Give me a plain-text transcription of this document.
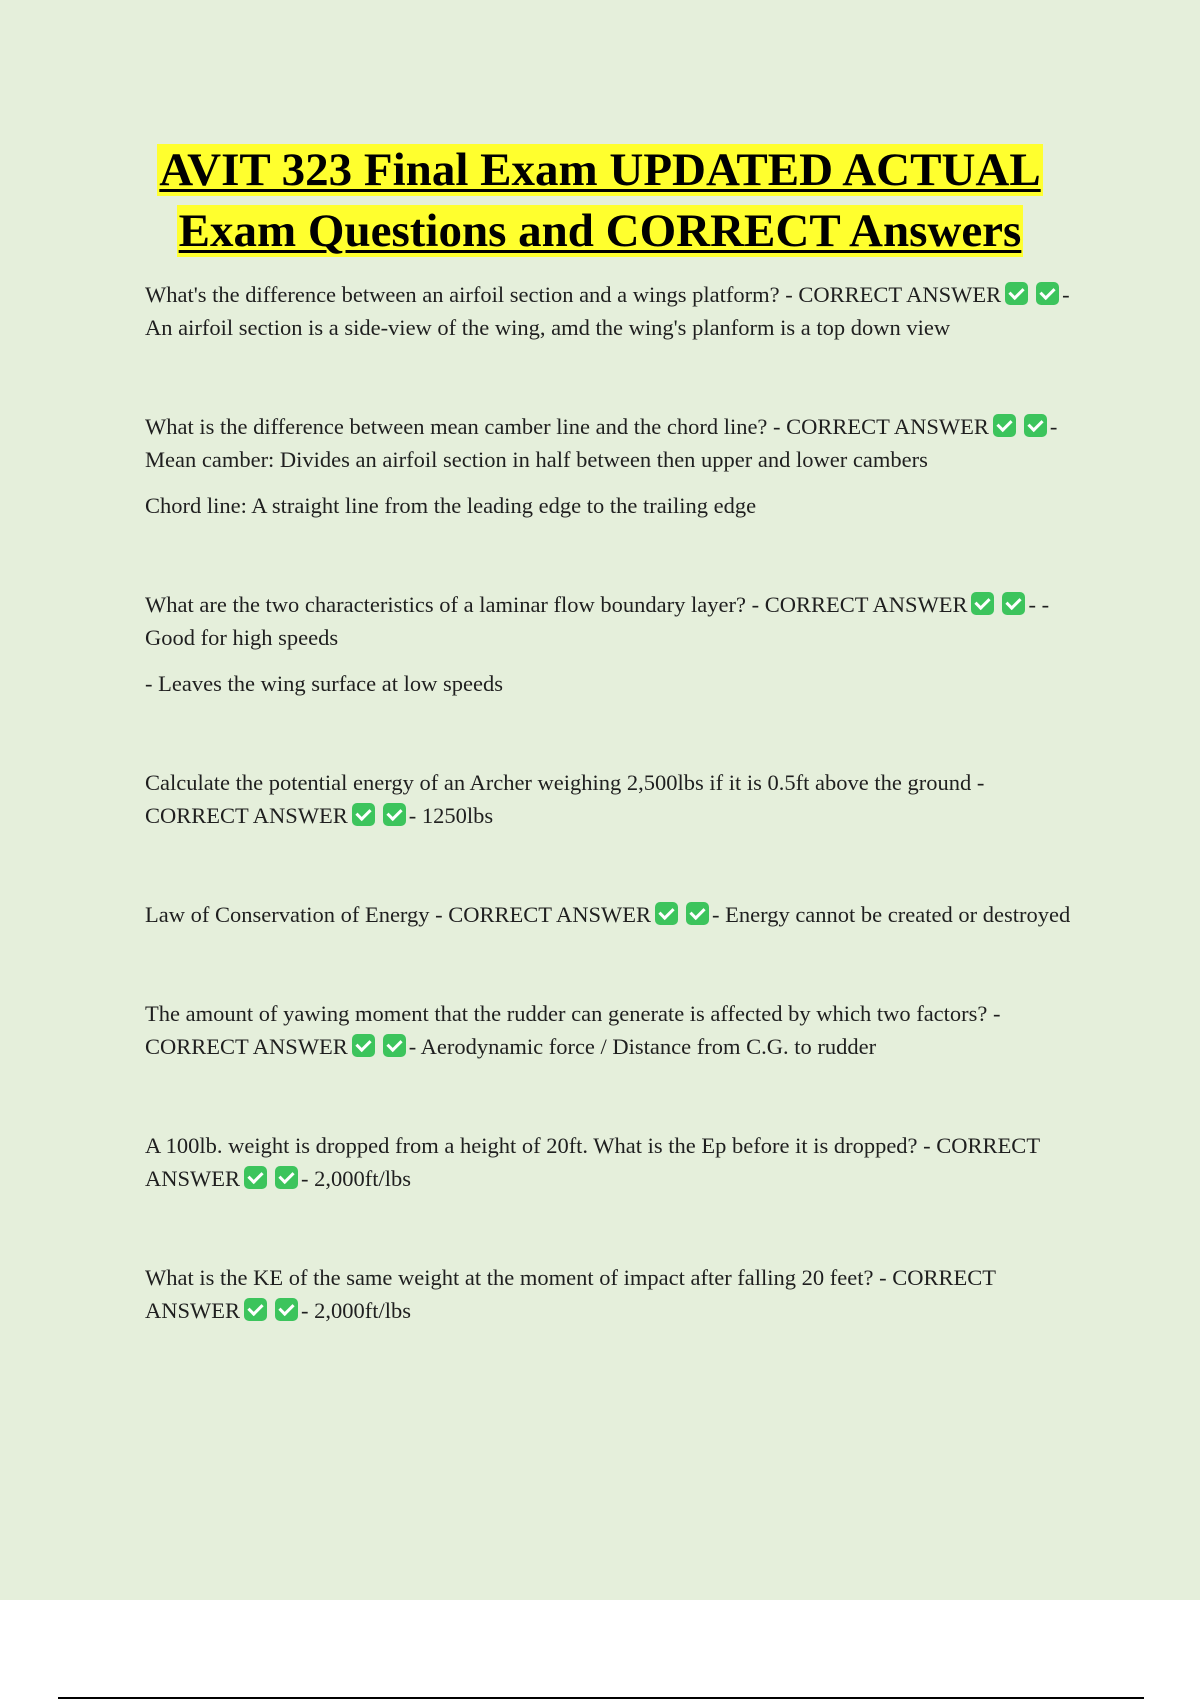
AVIT 323 Final Exam UPDATED ACTUAL
Exam Questions and CORRECT Answers

What's the difference between an airfoil section and a wings platform? - CORRECT ANSWER	- An airfoil section is a side-view of the wing, amd the wing's planform is a top down view

What is the difference between mean camber line and the chord line? - CORRECT ANSWER	- Mean camber: Divides an airfoil section in half between then upper and lower cambers

Chord line: A straight line from the leading edge to the trailing edge

What are the two characteristics of a laminar flow boundary layer? - CORRECT ANSWER	- - Good for high speeds

- Leaves the wing surface at low speeds

Calculate the potential energy of an Archer weighing 2,500lbs if it is 0.5ft above the ground - CORRECT ANSWER	- 1250lbs

Law of Conservation of Energy - CORRECT ANSWER	- Energy cannot be created or destroyed

The amount of yawing moment that the rudder can generate is affected by which two factors? - CORRECT ANSWER	- Aerodynamic force / Distance from C.G. to rudder

A 100lb. weight is dropped from a height of 20ft. What is the Ep before it is dropped? - CORRECT ANSWER	- 2,000ft/lbs

What is the KE of the same weight at the moment of impact after falling 20 feet? - CORRECT ANSWER	- 2,000ft/lbs
